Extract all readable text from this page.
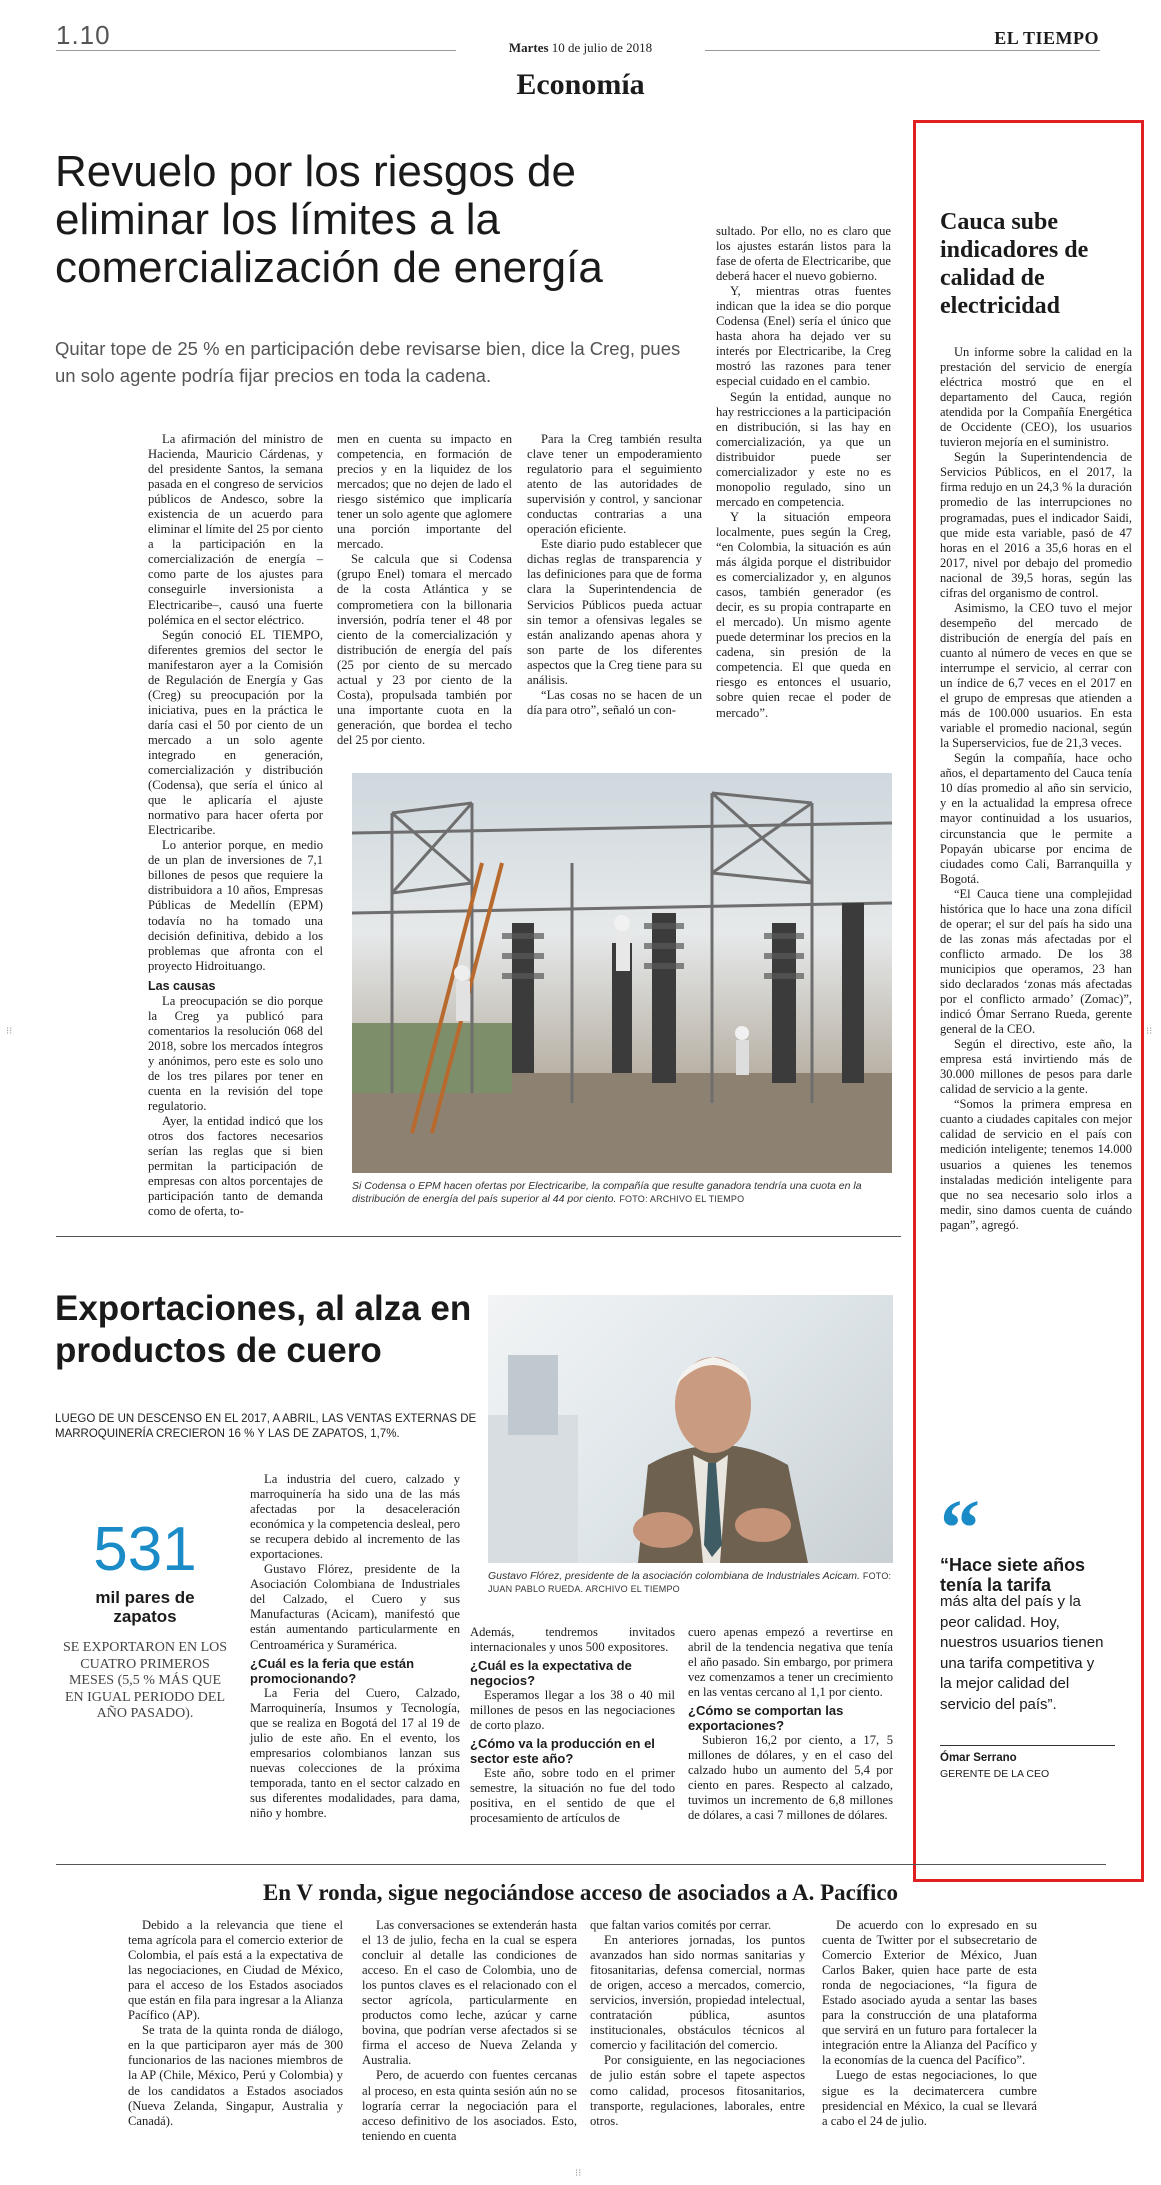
1.10	Martes 10 de julio de 2018	EL TIEMPO
Economía
Revuelo por los riesgos de eliminar los límites a la comercialización de energía
Quitar tope de 25 % en participación debe revisarse bien, dice la Creg, pues un solo agente podría fijar precios en toda la cadena.

La afirmación del ministro de Hacienda, Mauricio Cárdenas, y del presidente Santos, la semana pasada en el congreso de servicios públicos de Andesco, sobre la existencia de un acuerdo para eliminar el límite del 25 por ciento a la participación en la comercialización de energía –como parte de los ajustes para conseguirle inversionista a Electricaribe–, causó una fuerte polémica en el sector eléctrico.

Según conoció EL TIEMPO, diferentes gremios del sector le manifestaron ayer a la Comisión de Regulación de Energía y Gas (Creg) su preocupación por la iniciativa, pues en la práctica le daría casi el 50 por ciento de un mercado a un solo agente integrado en generación, comercialización y distribución (Codensa), que sería el único al que le aplicaría el ajuste normativo para hacer oferta por Electricaribe.

Lo anterior porque, en medio de un plan de inversiones de 7,1 billones de pesos que requiere la distribuidora a 10 años, Empresas Públicas de Medellín (EPM) todavía no ha tomado una decisión definitiva, debido a los problemas que afronta con el proyecto Hidroituango.

Las causas

La preocupación se dio porque la Creg ya publicó para comentarios la resolución 068 del 2018, sobre los mercados íntegros y anónimos, pero este es solo uno de los tres pilares por tener en cuenta en la revisión del tope regulatorio.

Ayer, la entidad indicó que los otros dos factores necesarios serían las reglas que si bien permitan la participación de empresas con altos porcentajes de participación tanto de demanda como de oferta, to-

men en cuenta su impacto en competencia, en formación de precios y en la liquidez de los mercados; que no dejen de lado el riesgo sistémico que implicaría tener un solo agente que aglomere una porción importante del mercado.

Se calcula que si Codensa (grupo Enel) tomara el mercado de la costa Atlántica y se comprometiera con la billonaria inversión, podría tener el 48 por ciento de la comercialización y distribución de energía del país (25 por ciento de su mercado actual y 23 por ciento de la Costa), propulsada también por una importante cuota en la generación, que bordea el techo del 25 por ciento.

Para la Creg también resulta clave tener un empoderamiento regulatorio para el seguimiento atento de las autoridades de supervisión y control, y sancionar conductas contrarias a una operación eficiente.

Este diario pudo establecer que dichas reglas de transparencia y las definiciones para que de forma clara la Superintendencia de Servicios Públicos pueda actuar sin temor a ofensivas legales se están analizando apenas ahora y son parte de los diferentes aspectos que la Creg tiene para su análisis.

“Las cosas no se hacen de un día para otro”, señaló un con-

sultado. Por ello, no es claro que los ajustes estarán listos para la fase de oferta de Electricaribe, que deberá hacer el nuevo gobierno.

Y, mientras otras fuentes indican que la idea se dio porque Codensa (Enel) sería el único que hasta ahora ha dejado ver su interés por Electricaribe, la Creg mostró las razones para tener especial cuidado en el cambio.

Según la entidad, aunque no hay restricciones a la participación en distribución, si las hay en comercialización, ya que un distribuidor puede ser comercializador y este no es monopolio regulado, sino un mercado en competencia.

Y la situación empeora localmente, pues según la Creg, “en Colombia, la situación es aún más álgida porque el distribuidor es comercializador y, en algunos casos, también generador (es decir, es su propia contraparte en el mercado). Un mismo agente puede determinar los precios en la cadena, sin presión de la competencia. El que queda en riesgo es entonces el usuario, sobre quien recae el poder de mercado”.

Si Codensa o EPM hacen ofertas por Electricaribe, la compañía que resulte ganadora tendría una cuota en la distribución de energía del país superior al 44 por ciento. FOTO: ARCHIVO EL TIEMPO
Cauca sube indicadores de calidad de electricidad

Un informe sobre la calidad en la prestación del servicio de energía eléctrica mostró que en el departamento del Cauca, región atendida por la Compañía Energética de Occidente (CEO), los usuarios tuvieron mejoría en el suministro.

Según la Superintendencia de Servicios Públicos, en el 2017, la firma redujo en un 24,3 % la duración promedio de las interrupciones no programadas, pues el indicador Saidi, que mide esta variable, pasó de 47 horas en el 2016 a 35,6 horas en el 2017, nivel por debajo del promedio nacional de 39,5 horas, según las cifras del organismo de control.

Asimismo, la CEO tuvo el mejor desempeño del mercado de distribución de energía del país en cuanto al número de veces en que se interrumpe el servicio, al cerrar con un índice de 6,7 veces en el 2017 en el grupo de empresas que atienden a más de 100.000 usuarios. En esta variable el promedio nacional, según la Superservicios, fue de 21,3 veces.

Según la compañía, hace ocho años, el departamento del Cauca tenía 10 días promedio al año sin servicio, y en la actualidad la empresa ofrece mayor continuidad a los usuarios, circunstancia que le permite a Popayán ubicarse por encima de ciudades como Cali, Barranquilla y Bogotá.

“El Cauca tiene una complejidad histórica que lo hace una zona difícil de operar; el sur del país ha sido una de las zonas más afectadas por el conflicto armado. De los 38 municipios que operamos, 23 han sido declarados ‘zonas más afectadas por el conflicto armado’ (Zomac)”, indicó Ómar Serrano Rueda, gerente general de la CEO.

Según el directivo, este año, la empresa está invirtiendo más de 30.000 millones de pesos para darle calidad de servicio a la gente.

“Somos la primera empresa en cuanto a ciudades capitales con mejor calidad de servicio en el país con medición inteligente; tenemos 14.000 usuarios a quienes les tenemos instaladas medición inteligente para que no sea necesario solo irlos a medir, sino damos cuenta de cuándo pagan”, agregó.

“
“Hace siete años tenía la tarifa
más alta del país y la peor calidad. Hoy, nuestros usuarios tienen una tarifa competitiva y la mejor calidad del servicio del país”.
Ómar Serrano
GERENTE DE LA CEO
Exportaciones, al alza en productos de cuero
LUEGO DE UN DESCENSO EN EL 2017, A ABRIL, LAS VENTAS EXTERNAS DE MARROQUINERÍA CRECIERON 16 % Y LAS DE ZAPATOS, 1,7%.
531
mil pares de zapatos
SE EXPORTARON EN LOS CUATRO PRIMEROS MESES (5,5 % MÁS QUE EN IGUAL PERIODO DEL AÑO PASADO).
Gustavo Flórez, presidente de la asociación colombiana de Industriales Acicam. FOTO: JUAN PABLO RUEDA. ARCHIVO EL TIEMPO

La industria del cuero, calzado y marroquinería ha sido una de las más afectadas por la desaceleración económica y la competencia desleal, pero se recupera debido al incremento de las exportaciones.

Gustavo Flórez, presidente de la Asociación Colombiana de Industriales del Calzado, el Cuero y sus Manufacturas (Acicam), manifestó que están aumentando particularmente en Centroamérica y Suramérica.

¿Cuál es la feria que están promocionando?

La Feria del Cuero, Calzado, Marroquinería, Insumos y Tecnología, que se realiza en Bogotá del 17 al 19 de julio de este año. En el evento, los empresarios colombianos lanzan sus nuevas colecciones de la próxima temporada, tanto en el sector calzado en sus diferentes modalidades, para dama, niño y hombre.

Además, tendremos invitados internacionales y unos 500 expositores.

¿Cuál es la expectativa de negocios?

Esperamos llegar a los 38 o 40 mil millones de pesos en las negociaciones de corto plazo.

¿Cómo va la producción en el sector este año?

Este año, sobre todo en el primer semestre, la situación no fue del todo positiva, en el sentido de que el procesamiento de artículos de

cuero apenas empezó a revertirse en abril de la tendencia negativa que tenía el año pasado. Sin embargo, por primera vez comenzamos a tener un crecimiento en las ventas cercano al 1,1 por ciento.

¿Cómo se comportan las exportaciones?

Subieron 16,2 por ciento, a 17, 5 millones de dólares, y en el caso del calzado hubo un aumento del 5,4 por ciento en pares. Respecto al calzado, tuvimos un incremento de 6,8 millones de dólares, a casi 7 millones de dólares.

En V ronda, sigue negociándose acceso de asociados a A. Pacífico

Debido a la relevancia que tiene el tema agrícola para el comercio exterior de Colombia, el país está a la expectativa de las negociaciones, en Ciudad de México, para el acceso de los Estados asociados que están en fila para ingresar a la Alianza Pacífico (AP).

Se trata de la quinta ronda de diálogo, en la que participaron ayer más de 300 funcionarios de las naciones miembros de la AP (Chile, México, Perú y Colombia) y de los candidatos a Estados asociados (Nueva Zelanda, Singapur, Australia y Canadá).

Las conversaciones se extenderán hasta el 13 de julio, fecha en la cual se espera concluir al detalle las condiciones de acceso. En el caso de Colombia, uno de los puntos claves es el relacionado con el sector agrícola, particularmente en productos como leche, azúcar y carne bovina, que podrían verse afectados si se firma el acceso de Nueva Zelanda y Australia.

Pero, de acuerdo con fuentes cercanas al proceso, en esta quinta sesión aún no se lograría cerrar la negociación para el acceso definitivo de los asociados. Esto, teniendo en cuenta

que faltan varios comités por cerrar.

En anteriores jornadas, los puntos avanzados han sido normas sanitarias y fitosanitarias, defensa comercial, normas de origen, acceso a mercados, comercio, servicios, inversión, propiedad intelectual, contratación pública, asuntos institucionales, obstáculos técnicos al comercio y facilitación del comercio.

Por consiguiente, en las negociaciones de julio están sobre el tapete aspectos como calidad, procesos fitosanitarios, transporte, regulaciones, laborales, entre otros.

De acuerdo con lo expresado en su cuenta de Twitter por el subsecretario de Comercio Exterior de México, Juan Carlos Baker, quien hace parte de esta ronda de negociaciones, “la figura de Estado asociado ayuda a sentar las bases para la construcción de una plataforma que servirá en un futuro para fortalecer la integración entre la Alianza del Pacífico y la economías de la cuenca del Pacífico”.

Luego de estas negociaciones, lo que sigue es la decimatercera cumbre presidencial en México, la cual se llevará a cabo el 24 de julio.

⁝⁝	⁝⁝
⁝⁝
